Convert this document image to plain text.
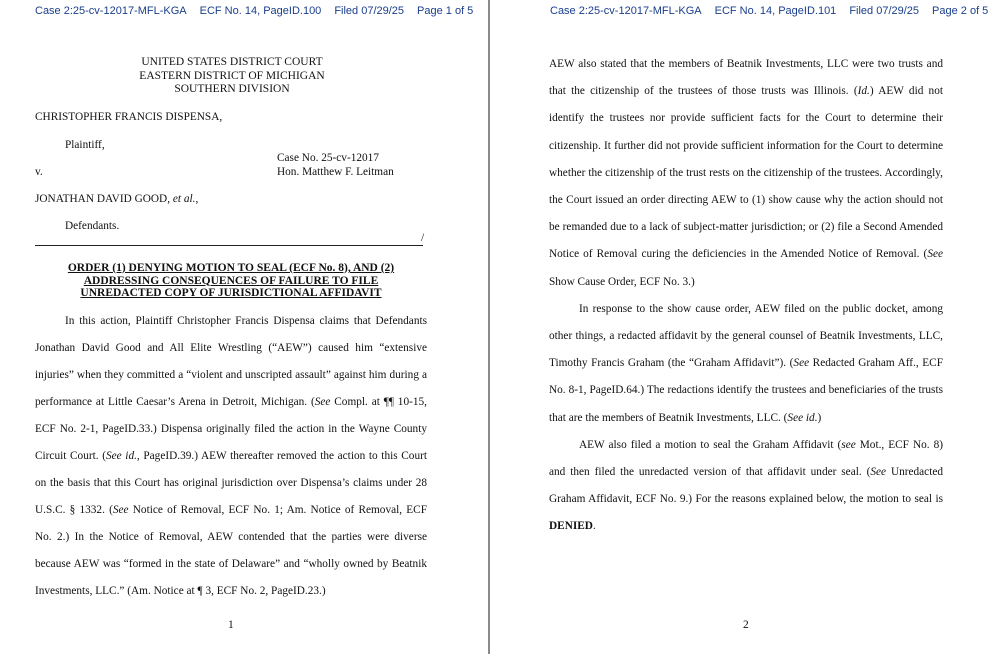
Case 2:25-cv-12017-MFL-KGA ECF No. 14, PageID.100 Filed 07/29/25 Page 1 of 5
UNITED STATES DISTRICT COURT
EASTERN DISTRICT OF MICHIGAN
SOUTHERN DIVISION
CHRISTOPHER FRANCIS DISPENSA,
Plaintiff,
Case No. 25-cv-12017
v.	Hon. Matthew F. Leitman
JONATHAN DAVID GOOD, et al.,
Defendants.
/
ORDER (1) DENYING MOTION TO SEAL (ECF No. 8), AND (2)
ADDRESSING CONSEQUENCES OF FAILURE TO FILE
UNREDACTED COPY OF JURISDICTIONAL AFFIDAVIT

In this action, Plaintiff Christopher Francis Dispensa claims that Defendants Jonathan David Good and All Elite Wrestling (“AEW”) caused him “extensive injuries” when they committed a “violent and unscripted assault” against him during a performance at Little Caesar’s Arena in Detroit, Michigan. (See Compl. at ¶¶ 10-15, ECF No. 2-1, PageID.33.) Dispensa originally filed the action in the Wayne County Circuit Court. (See id., PageID.39.) AEW thereafter removed the action to this Court on the basis that this Court has original jurisdiction over Dispensa’s claims under 28 U.S.C. § 1332. (See Notice of Removal, ECF No. 1; Am. Notice of Removal, ECF No. 2.) In the Notice of Removal, AEW contended that the parties were diverse because AEW was “formed in the state of Delaware” and “wholly owned by Beatnik Investments, LLC.” (Am. Notice at ¶ 3, ECF No. 2, PageID.23.)

1
Case 2:25-cv-12017-MFL-KGA ECF No. 14, PageID.101 Filed 07/29/25 Page 2 of 5

AEW also stated that the members of Beatnik Investments, LLC were two trusts and that the citizenship of the trustees of those trusts was Illinois. (Id.) AEW did not identify the trustees nor provide sufficient facts for the Court to determine their citizenship. It further did not provide sufficient information for the Court to determine whether the citizenship of the trust rests on the citizenship of the trustees. Accordingly, the Court issued an order directing AEW to (1) show cause why the action should not be remanded due to a lack of subject-matter jurisdiction; or (2) file a Second Amended Notice of Removal curing the deficiencies in the Amended Notice of Removal. (See Show Cause Order, ECF No. 3.)

In response to the show cause order, AEW filed on the public docket, among other things, a redacted affidavit by the general counsel of Beatnik Investments, LLC, Timothy Francis Graham (the “Graham Affidavit”). (See Redacted Graham Aff., ECF No. 8-1, PageID.64.) The redactions identify the trustees and beneficiaries of the trusts that are the members of Beatnik Investments, LLC. (See id.)

AEW also filed a motion to seal the Graham Affidavit (see Mot., ECF No. 8) and then filed the unredacted version of that affidavit under seal. (See Unredacted Graham Affidavit, ECF No. 9.) For the reasons explained below, the motion to seal is DENIED.

2
